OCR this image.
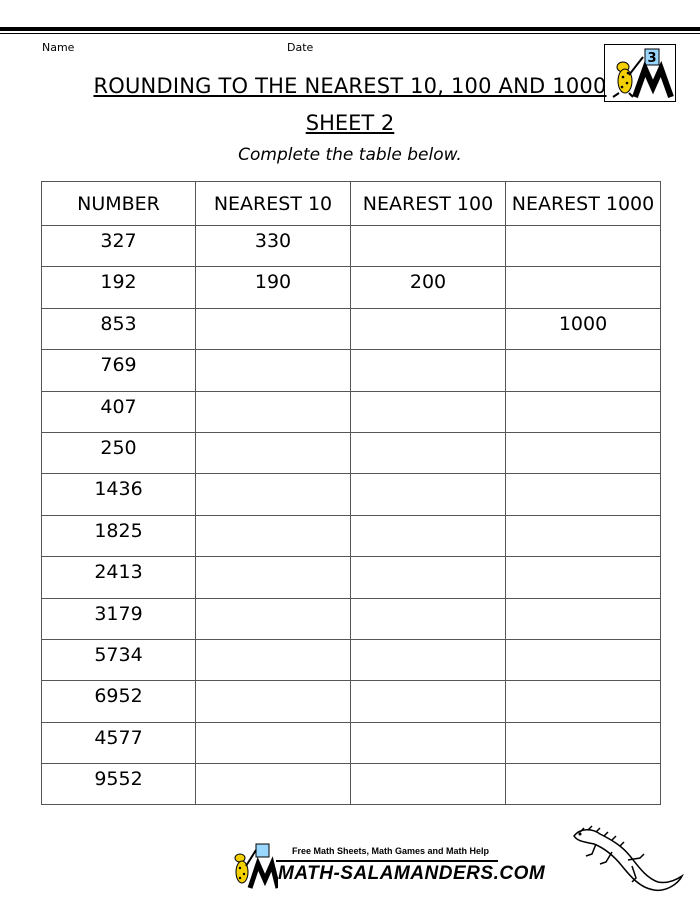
Name	Date
3
ROUNDING TO THE NEAREST 10, 100 AND 1000
SHEET 2
Complete the table below.
NUMBER	NEAREST 10	NEAREST 100	NEAREST 1000
327	330		
192	190	200	
853			1000
769			
407			
250			
1436			
1825			
2413			
3179			
5734			
6952			
4577			
9552			
Free Math Sheets, Math Games and Math Help
MATH-SALAMANDERS.COM
